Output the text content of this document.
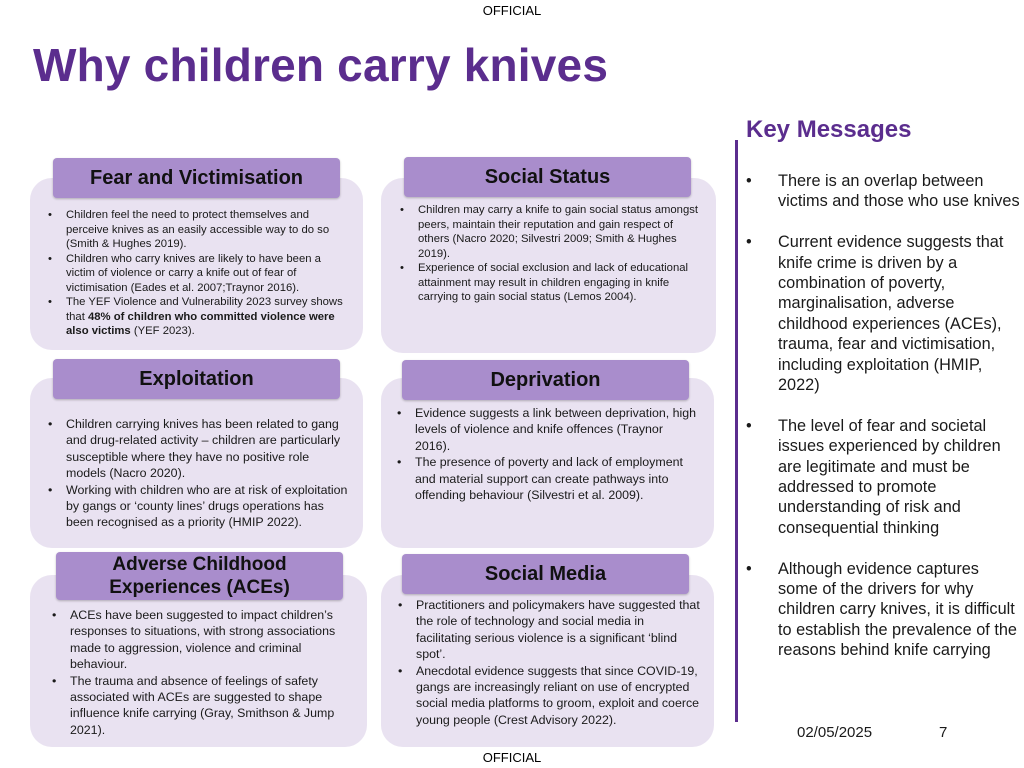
OFFICIAL
Why children carry knives
Fear and Victimisation
• Children feel the need to protect themselves and perceive knives as an easily accessible way to do so (Smith & Hughes 2019).
• Children who carry knives are likely to have been a victim of violence or carry a knife out of fear of victimisation (Eades et al. 2007;Traynor 2016).
• The YEF Violence and Vulnerability 2023 survey shows that 48% of children who committed violence were also victims (YEF 2023).
Social Status
• Children may carry a knife to gain social status amongst peers, maintain their reputation and gain respect of others (Nacro 2020; Silvestri 2009; Smith & Hughes 2019).
• Experience of social exclusion and lack of educational attainment may result in children engaging in knife carrying to gain social status (Lemos 2004).
Exploitation
• Children carrying knives has been related to gang and drug-related activity – children are particularly susceptible where they have no positive role models (Nacro 2020).
• Working with children who are at risk of exploitation by gangs or ‘county lines’ drugs operations has been recognised as a priority (HMIP 2022).
Deprivation
• Evidence suggests a link between deprivation, high levels of violence and knife offences (Traynor 2016).
• The presence of poverty and lack of employment and material support can create pathways into offending behaviour (Silvestri et al. 2009).
Adverse Childhood Experiences (ACEs)
• ACEs have been suggested to impact children’s responses to situations, with strong associations made to aggression, violence and criminal behaviour.
• The trauma and absence of feelings of safety associated with ACEs are suggested to shape influence knife carrying (Gray, Smithson & Jump 2021).
Social Media
• Practitioners and policymakers have suggested that the role of technology and social media in facilitating serious violence is a significant ‘blind spot’.
• Anecdotal evidence suggests that since COVID-19, gangs are increasingly reliant on use of encrypted social media platforms to groom, exploit and coerce young people (Crest Advisory 2022).
Key Messages
• There is an overlap between victims and those who use knives
• Current evidence suggests that knife crime is driven by a combination of poverty, marginalisation, adverse childhood experiences (ACEs), trauma, fear and victimisation, including exploitation (HMIP, 2022)
• The level of fear and societal issues experienced by children are legitimate and must be addressed to promote understanding of risk and consequential thinking
• Although evidence captures some of the drivers for why children carry knives, it is difficult to establish the prevalence of the reasons behind knife carrying
02/05/2025	7
OFFICIAL
